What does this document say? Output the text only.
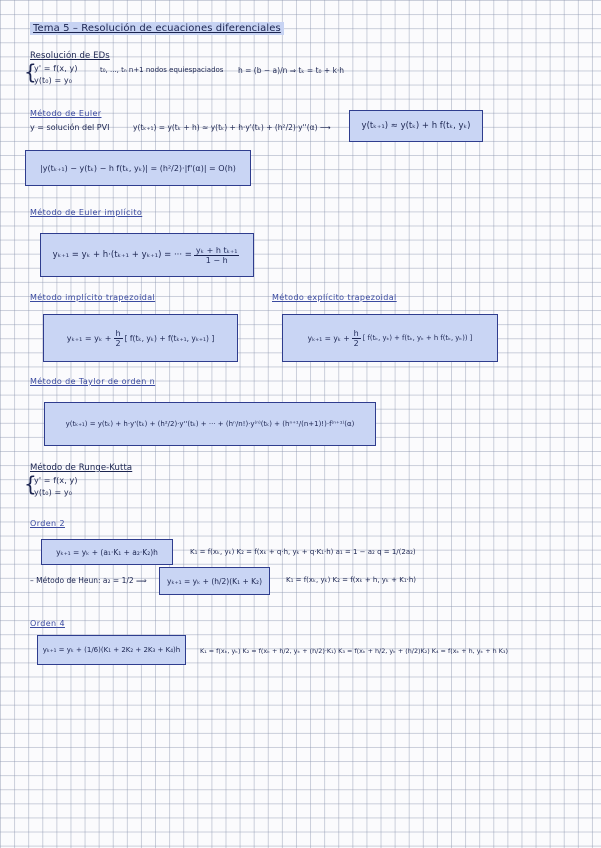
Tema 5 – Resolución de ecuaciones diferenciales
Resolución de EDs
{
y' = f(x, y)
y(t₀) = y₀
t₀, ..., tₙ n+1 nodos equiespaciados h = (b − a)/n ⇒ tₖ = t₀ + k·h
Método de Euler
y = solución del PVI	y(tₖ₊₁) = y(tₖ + h) ≈ y(tₖ) + h·y'(tₖ) + (h²/2)·y''(α) ⟶	y(tₖ₊₁) ≈ y(tₖ) + h f(tₖ, yₖ)
|y(tₖ₊₁) − y(tₖ) − h f(tₖ, yₖ)| = (h²/2)·|f'(α)| = O(h)
Método de Euler implícito
yₖ₊₁ = yₖ + h·(tₖ₊₁ + yₖ₊₁) = ··· = $\frac{\text{yₖ + h tₖ₊₁}}{1 - h}$
Método implícito trapezoidal	Método explícito trapezoidal
$y_{k+1} = y_k + \frac{h}{2}$ [ f(tₖ, yₖ) + f(tₖ₊₁, yₖ₊₁) ]	$y_{k+1} = y_k + \frac{h}{2}$ [ f(tₖ, yₖ) + f(tₖ, yₖ + h f(tₖ, yₖ)) ]
Método de Taylor de orden n
y(tₖ₊₁) = y(tₖ) + h·y'(tₖ) + (h²/2)·y''(tₖ) + ··· + (hⁿ/n!)·y⁽ⁿ⁾(tₖ) + (hⁿ⁺¹/(n+1)!)·f⁽ⁿ⁺¹⁾(α)
Método de Runge-Kutta
{
y' = f(x, y)
y(t₀) = y₀
Orden 2
yₖ₊₁ = yₖ + (a₁·K₁ + a₂·K₂)h	K₁ = f(xₖ, yₖ) K₂ = f(xₖ + q·h, yₖ + q·K₁·h) a₁ = 1 − a₂ q = 1/(2a₂)
– Método de Heun: a₂ = 1/2 ⟹	yₖ₊₁ = yₖ + (h/2)(K₁ + K₂)	K₁ = f(xₖ, yₖ) K₂ = f(xₖ + h, yₖ + K₁·h)
Orden 4
yₖ₊₁ = yₖ + (1/6)(K₁ + 2K₂ + 2K₃ + K₄)h	K₁ = f(xₖ, yₖ) K₂ = f(xₖ + h/2, yₖ + (h/2)·K₁) K₃ = f(xₖ + h/2, yₖ + (h/2)K₂) K₄ = f(xₖ + h, yₖ + h K₃)
